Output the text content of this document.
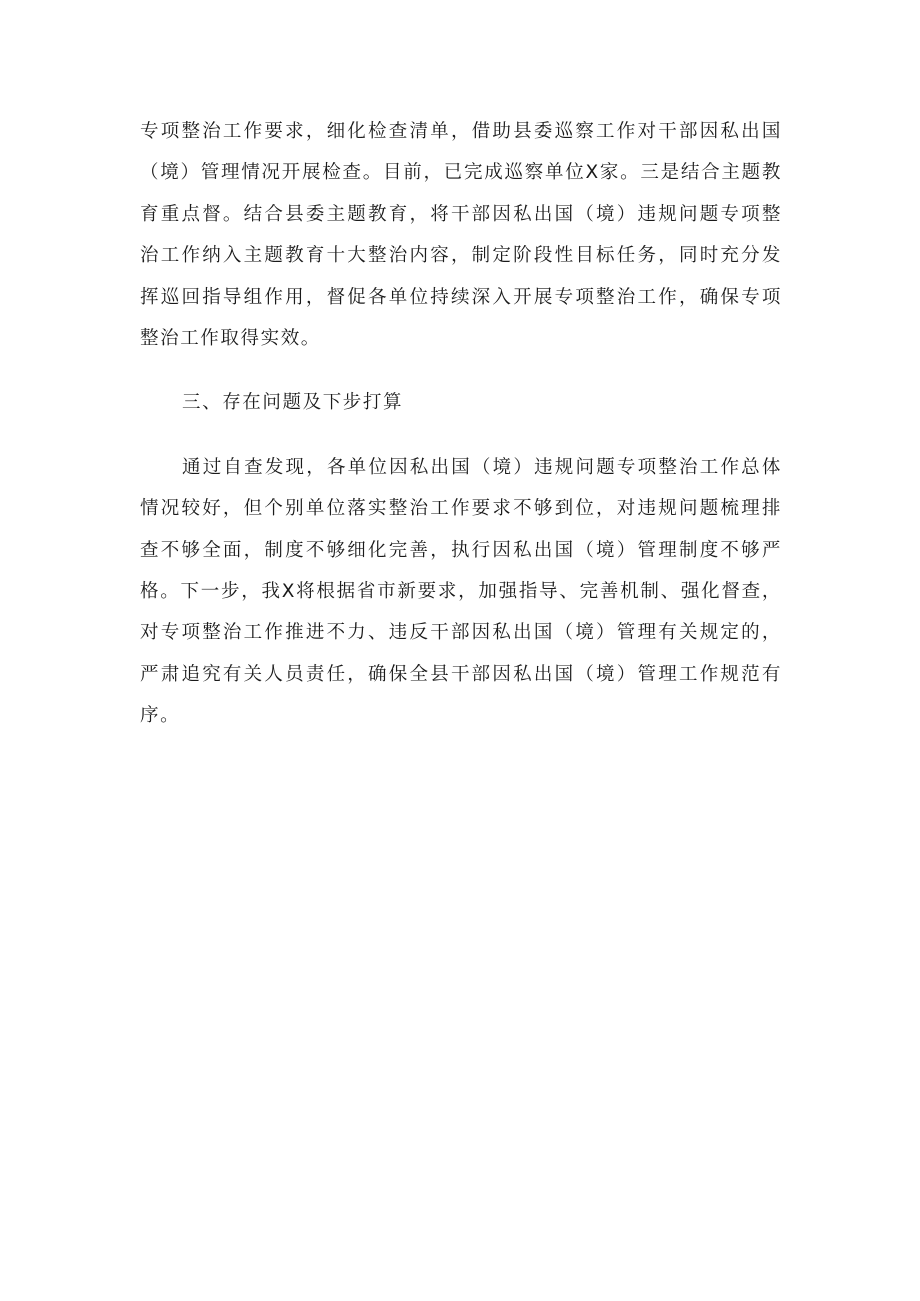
专项整治工作要求，细化检查清单，借助县委巡察工作对干部因私出国（境）管理情况开展检查。目前，已完成巡察单位X家。三是结合主题教育重点督。结合县委主题教育，将干部因私出国（境）违规问题专项整治工作纳入主题教育十大整治内容，制定阶段性目标任务，同时充分发挥巡回指导组作用，督促各单位持续深入开展专项整治工作，确保专项整治工作取得实效。

三、存在问题及下步打算

通过自查发现，各单位因私出国（境）违规问题专项整治工作总体情况较好，但个别单位落实整治工作要求不够到位，对违规问题梳理排查不够全面，制度不够细化完善，执行因私出国（境）管理制度不够严格。下一步，我X将根据省市新要求，加强指导、完善机制、强化督查，对专项整治工作推进不力、违反干部因私出国（境）管理有关规定的，严肃追究有关人员责任，确保全县干部因私出国（境）管理工作规范有序。
